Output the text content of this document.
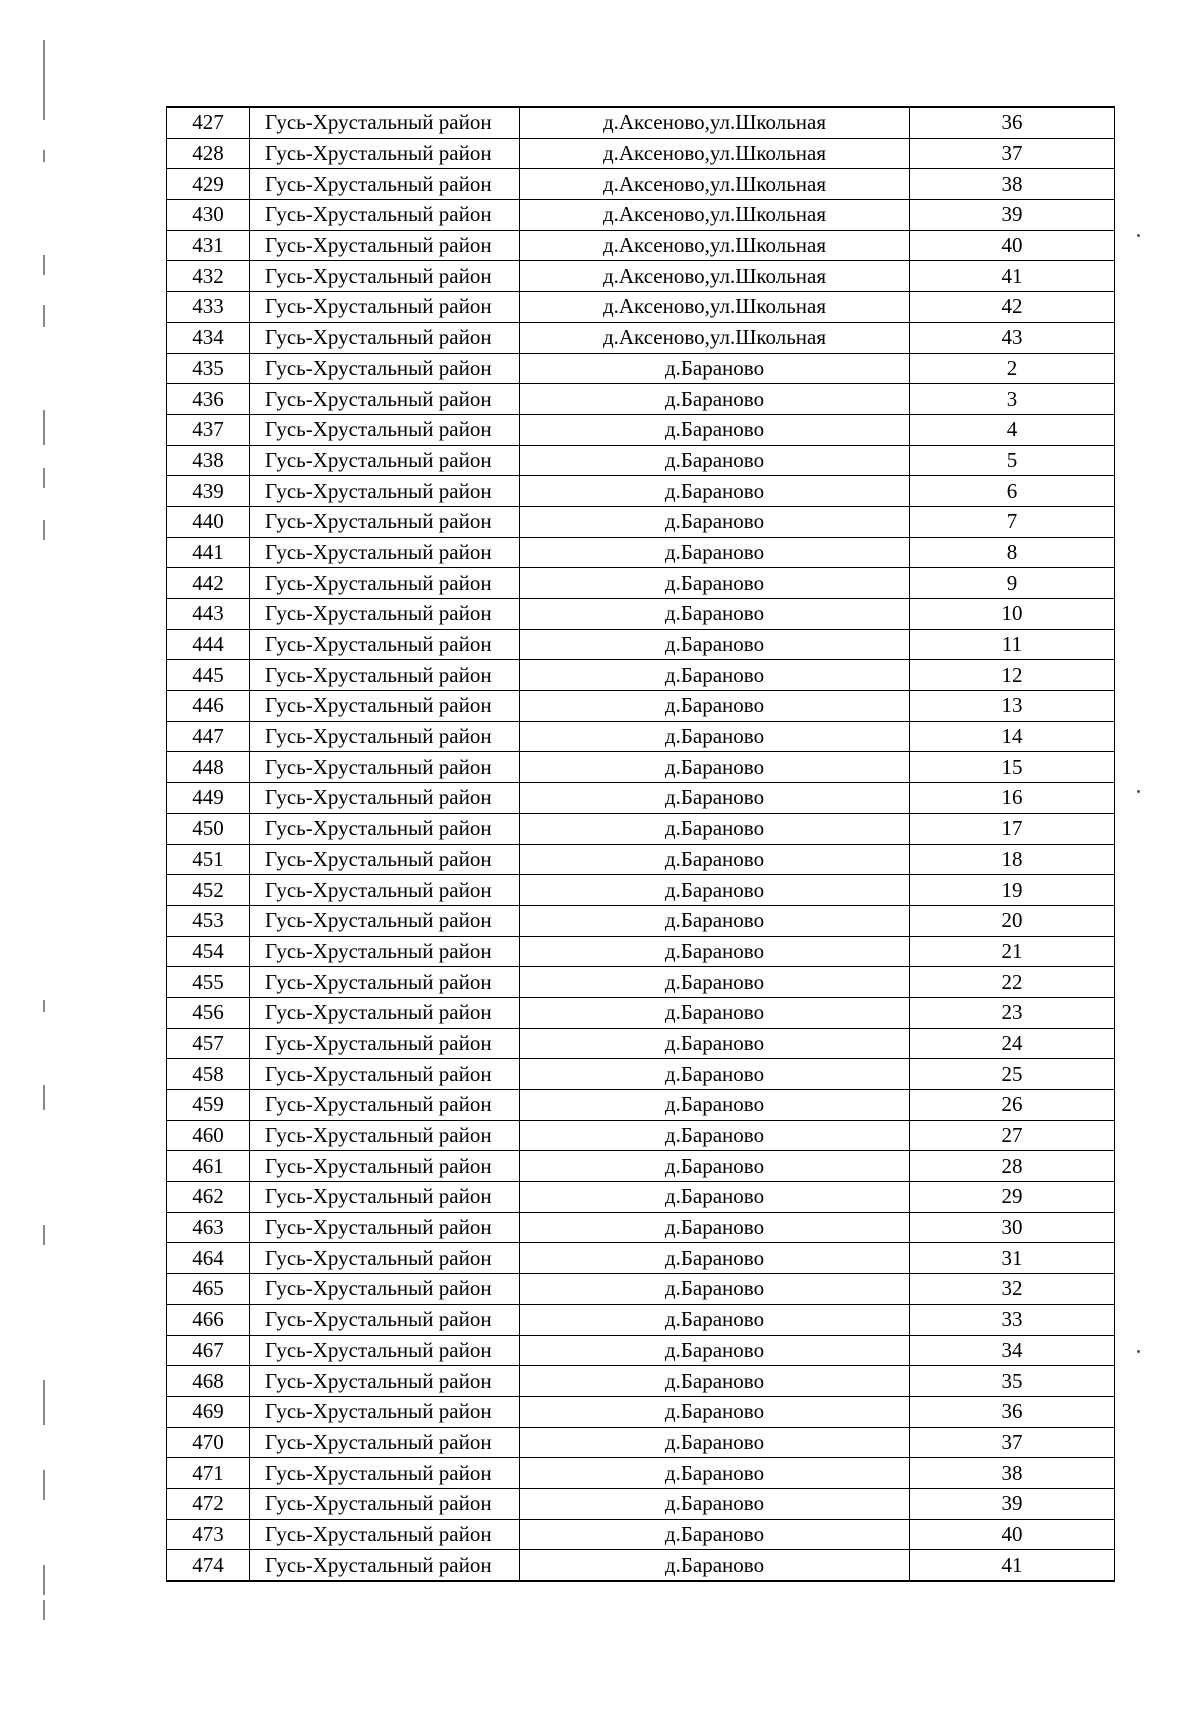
427	Гусь-Хрустальный район	д.Аксеново,ул.Школьная	36
428	Гусь-Хрустальный район	д.Аксеново,ул.Школьная	37
429	Гусь-Хрустальный район	д.Аксеново,ул.Школьная	38
430	Гусь-Хрустальный район	д.Аксеново,ул.Школьная	39
431	Гусь-Хрустальный район	д.Аксеново,ул.Школьная	40
432	Гусь-Хрустальный район	д.Аксеново,ул.Школьная	41
433	Гусь-Хрустальный район	д.Аксеново,ул.Школьная	42
434	Гусь-Хрустальный район	д.Аксеново,ул.Школьная	43
435	Гусь-Хрустальный район	д.Бараново	2
436	Гусь-Хрустальный район	д.Бараново	3
437	Гусь-Хрустальный район	д.Бараново	4
438	Гусь-Хрустальный район	д.Бараново	5
439	Гусь-Хрустальный район	д.Бараново	6
440	Гусь-Хрустальный район	д.Бараново	7
441	Гусь-Хрустальный район	д.Бараново	8
442	Гусь-Хрустальный район	д.Бараново	9
443	Гусь-Хрустальный район	д.Бараново	10
444	Гусь-Хрустальный район	д.Бараново	11
445	Гусь-Хрустальный район	д.Бараново	12
446	Гусь-Хрустальный район	д.Бараново	13
447	Гусь-Хрустальный район	д.Бараново	14
448	Гусь-Хрустальный район	д.Бараново	15
449	Гусь-Хрустальный район	д.Бараново	16
450	Гусь-Хрустальный район	д.Бараново	17
451	Гусь-Хрустальный район	д.Бараново	18
452	Гусь-Хрустальный район	д.Бараново	19
453	Гусь-Хрустальный район	д.Бараново	20
454	Гусь-Хрустальный район	д.Бараново	21
455	Гусь-Хрустальный район	д.Бараново	22
456	Гусь-Хрустальный район	д.Бараново	23
457	Гусь-Хрустальный район	д.Бараново	24
458	Гусь-Хрустальный район	д.Бараново	25
459	Гусь-Хрустальный район	д.Бараново	26
460	Гусь-Хрустальный район	д.Бараново	27
461	Гусь-Хрустальный район	д.Бараново	28
462	Гусь-Хрустальный район	д.Бараново	29
463	Гусь-Хрустальный район	д.Бараново	30
464	Гусь-Хрустальный район	д.Бараново	31
465	Гусь-Хрустальный район	д.Бараново	32
466	Гусь-Хрустальный район	д.Бараново	33
467	Гусь-Хрустальный район	д.Бараново	34
468	Гусь-Хрустальный район	д.Бараново	35
469	Гусь-Хрустальный район	д.Бараново	36
470	Гусь-Хрустальный район	д.Бараново	37
471	Гусь-Хрустальный район	д.Бараново	38
472	Гусь-Хрустальный район	д.Бараново	39
473	Гусь-Хрустальный район	д.Бараново	40
474	Гусь-Хрустальный район	д.Бараново	41
